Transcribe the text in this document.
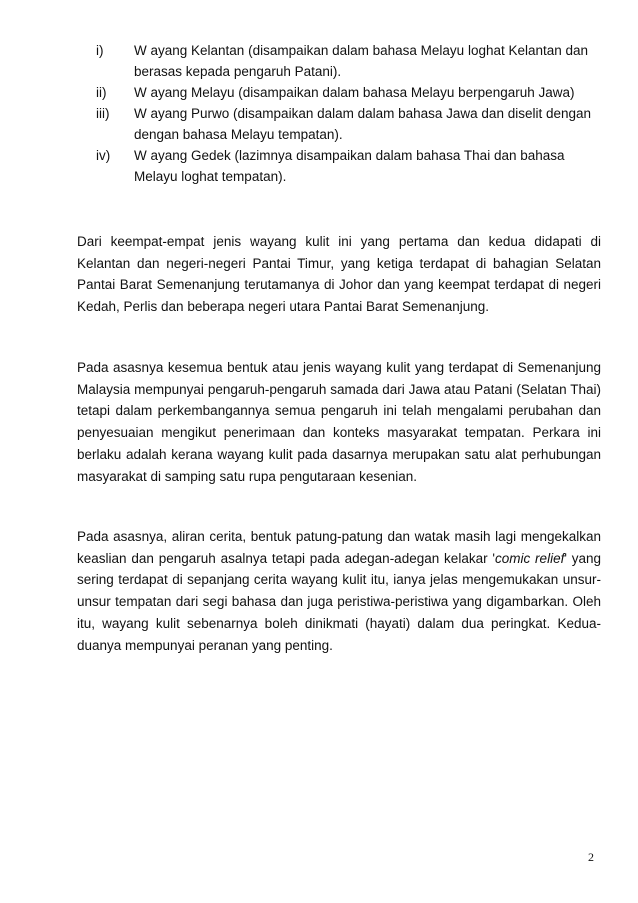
i)	W ayang Kelantan (disampaikan dalam bahasa Melayu loghat Kelantan dan berasas kepada pengaruh Patani).
ii)	W ayang Melayu (disampaikan dalam bahasa Melayu berpengaruh Jawa)
iii)	W ayang Purwo (disampaikan dalam dalam bahasa Jawa dan diselit dengan dengan bahasa Melayu tempatan).
iv)	W ayang Gedek (lazimnya disampaikan dalam bahasa Thai dan bahasa Melayu loghat tempatan).

Dari keempat-empat jenis wayang kulit ini yang pertama dan kedua didapati di Kelantan dan negeri-negeri Pantai Timur, yang ketiga terdapat di bahagian Selatan Pantai Barat Semenanjung terutamanya di Johor dan yang keempat terdapat di negeri Kedah, Perlis dan beberapa negeri utara Pantai Barat Semenanjung.

Pada asasnya kesemua bentuk atau jenis wayang kulit yang terdapat di Semenanjung Malaysia mempunyai pengaruh-pengaruh samada dari Jawa atau Patani (Selatan Thai) tetapi dalam perkembangannya semua pengaruh ini telah mengalami perubahan dan penyesuaian mengikut penerimaan dan konteks masyarakat tempatan. Perkara ini berlaku adalah kerana wayang kulit pada dasarnya merupakan satu alat perhubungan masyarakat di samping satu rupa pengutaraan kesenian.

Pada asasnya, aliran cerita, bentuk patung-patung dan watak masih lagi mengekalkan keaslian dan pengaruh asalnya tetapi pada adegan-adegan kelakar 'comic relief' yang sering terdapat di sepanjang cerita wayang kulit itu, ianya jelas mengemukakan unsur-unsur tempatan dari segi bahasa dan juga peristiwa-peristiwa yang digambarkan. Oleh itu, wayang kulit sebenarnya boleh dinikmati (hayati) dalam dua peringkat. Kedua-duanya mempunyai peranan yang penting.

2
